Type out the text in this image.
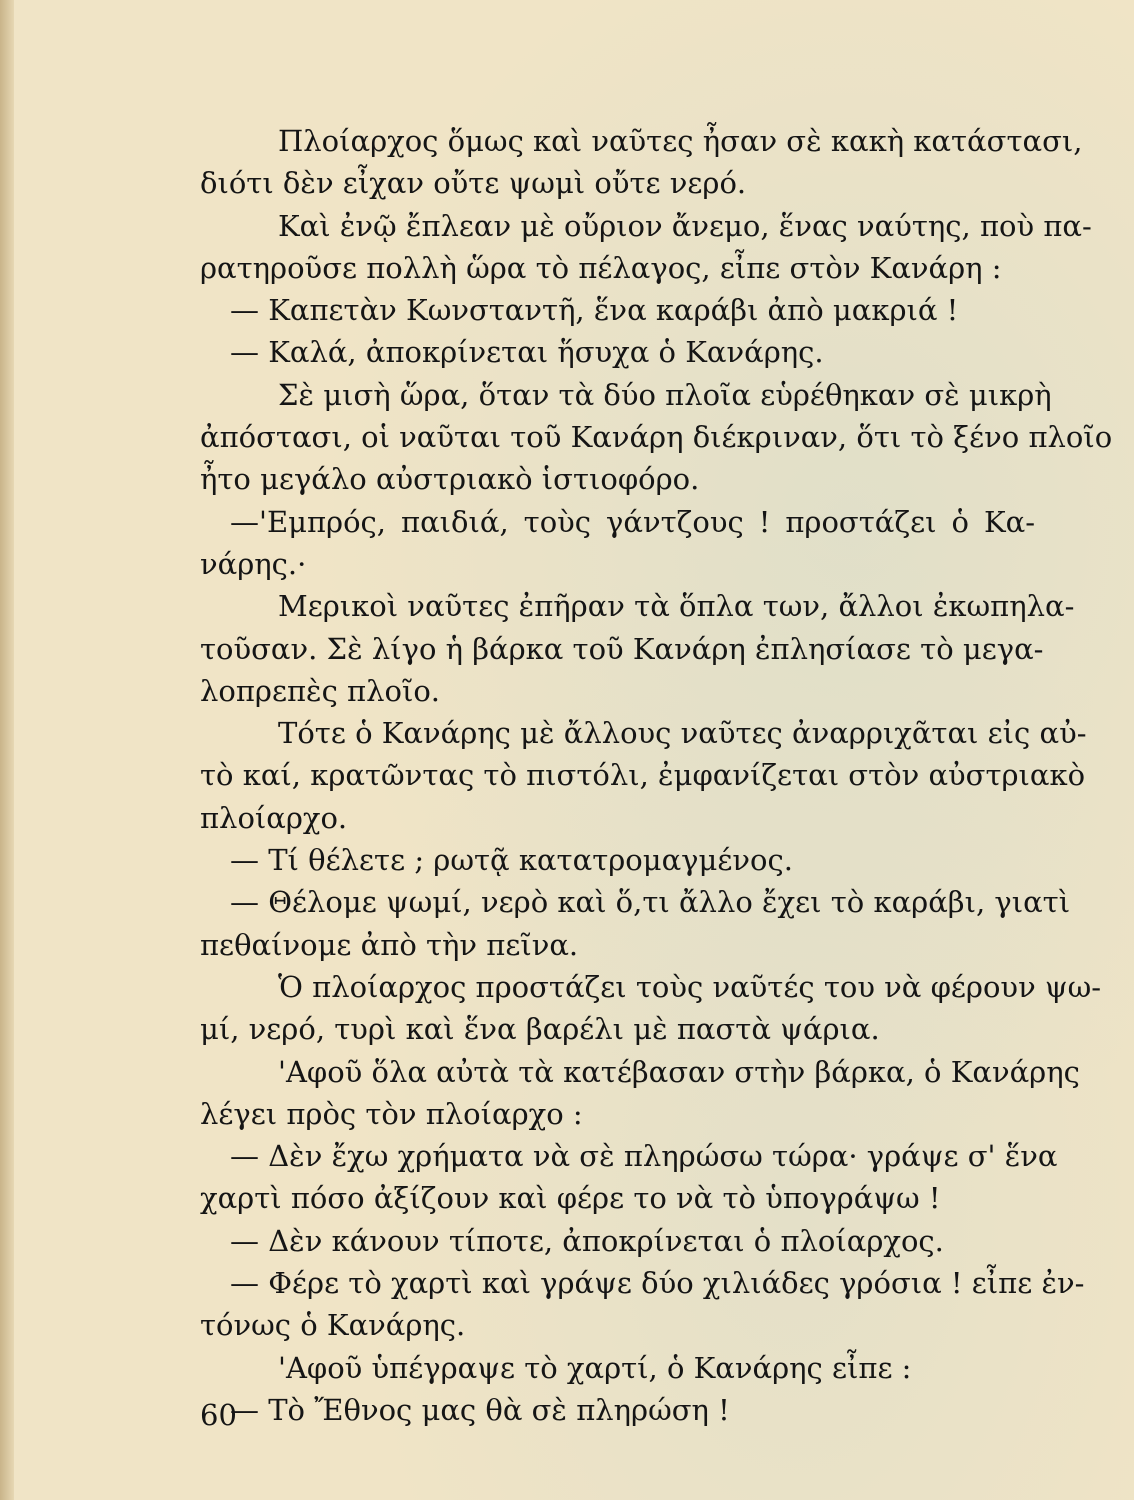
Πλοίαρχος ὅμως καὶ ναῦτες ἦσαν σὲ κακὴ κατάστασι,
διότι δὲν εἶχαν οὔτε ψωμὶ οὔτε νερό.
Καὶ ἐνῷ ἔπλεαν μὲ οὔριον ἄνεμο, ἕνας ναύτης, ποὺ πα-
ρατηροῦσε πολλὴ ὥρα τὸ πέλαγος, εἶπε στὸν Κανάρη :
— Καπετὰν Κωνσταντῆ, ἕνα καράβι ἀπὸ μακριά !
— Καλά, ἀποκρίνεται ἥσυχα ὁ Κανάρης.
Σὲ μισὴ ὥρα, ὅταν τὰ δύο πλοῖα εὑρέθηκαν σὲ μικρὴ
ἀπόστασι, οἱ ναῦται τοῦ Κανάρη διέκριναν, ὅτι τὸ ξένο πλοῖο
ἦτο μεγάλο αὐστριακὸ ἱστιοφόρο.
—'Εμπρός, παιδιά, τοὺς γάντζους ! προστάζει ὁ Κα-
νάρης.·
Μερικοὶ ναῦτες ἐπῆραν τὰ ὅπλα των, ἄλλοι ἐκωπηλα-
τοῦσαν. Σὲ λίγο ἡ βάρκα τοῦ Κανάρη ἐπλησίασε τὸ μεγα-
λοπρεπὲς πλοῖο.
Τότε ὁ Κανάρης μὲ ἄλλους ναῦτες ἀναρριχᾶται εἰς αὐ-
τὸ καί, κρατῶντας τὸ πιστόλι, ἐμφανίζεται στὸν αὐστριακὸ
πλοίαρχο.
— Τί θέλετε ; ρωτᾷ κατατρομαγμένος.
— Θέλομε ψωμί, νερὸ καὶ ὅ,τι ἄλλο ἔχει τὸ καράβι, γιατὶ
πεθαίνομε ἀπὸ τὴν πεῖνα.
Ὁ πλοίαρχος προστάζει τοὺς ναῦτές του νὰ φέρουν ψω-
μί, νερό, τυρὶ καὶ ἕνα βαρέλι μὲ παστὰ ψάρια.
'Αφοῦ ὅλα αὐτὰ τὰ κατέβασαν στὴν βάρκα, ὁ Κανάρης
λέγει πρὸς τὸν πλοίαρχο :
— Δὲν ἔχω χρήματα νὰ σὲ πληρώσω τώρα· γράψε σ' ἕνα
χαρτὶ πόσο ἀξίζουν καὶ φέρε το νὰ τὸ ὑπογράψω !
— Δὲν κάνουν τίποτε, ἀποκρίνεται ὁ πλοίαρχος.
— Φέρε τὸ χαρτὶ καὶ γράψε δύο χιλιάδες γρόσια ! εἶπε ἐν-
τόνως ὁ Κανάρης.
'Αφοῦ ὑπέγραψε τὸ χαρτί, ὁ Κανάρης εἶπε :
— Τὸ Ἔθνος μας θὰ σὲ πληρώση !
60
